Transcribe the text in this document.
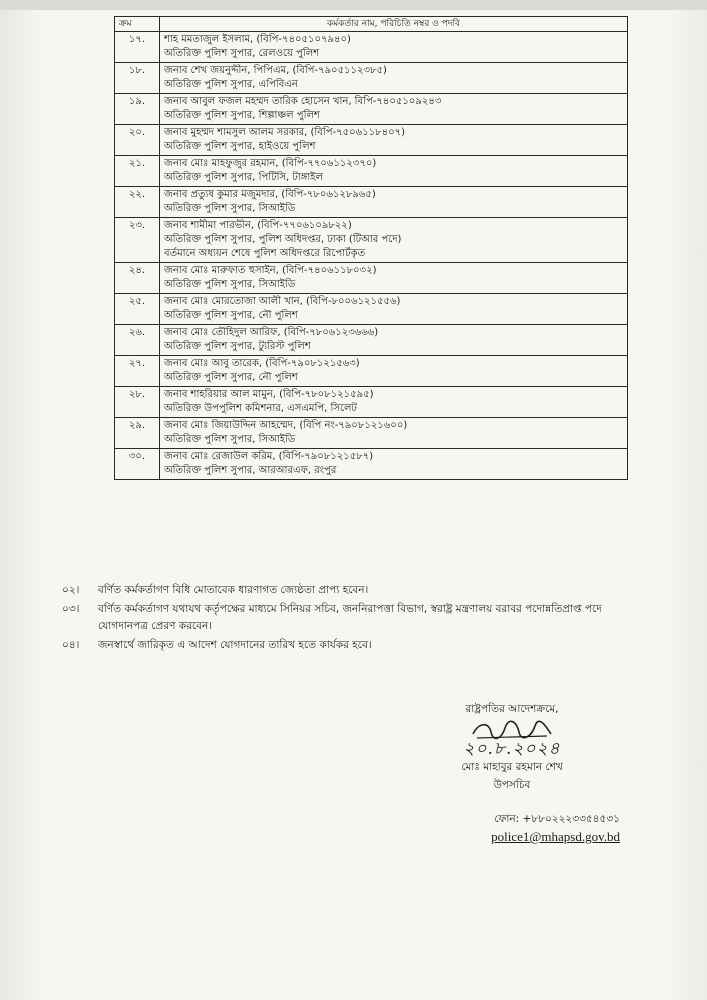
ক্রম	কর্মকর্তার নাম, পরিচিতি নম্বর ও পদবি
১৭.	শাহ মমতাজুল ইসলাম, (বিপি-৭৪০৫১০৭৯৪০)
অতিরিক্ত পুলিশ সুপার, রেলওয়ে পুলিশ

১৮.	জনাব শেখ জয়নুদ্দীন, পিপিএম, (বিপি-৭৯০৫১১২৩৮৫)
অতিরিক্ত পুলিশ সুপার, এপিবিএন

১৯.	জনাব আবুল ফজল মহম্মদ তারিক হোসেন খান, বিপি-৭৪০৫১০৯২৪৩
অতিরিক্ত পুলিশ সুপার, শিল্পাঞ্চল পুলিশ

২০.	জনাব মুহম্মদ শামসুল আলম সরকার, (বিপি-৭৫০৬১১৮৪০৭)
অতিরিক্ত পুলিশ সুপার, হাইওয়ে পুলিশ

২১.	জনাব মোঃ মাহফুজুর রহমান, (বিপি-৭৭০৬১১২৩৭০)
অতিরিক্ত পুলিশ সুপার, পিটিসি, টাঙ্গাইল

২২.	জনাব প্রত্যুষ কুমার মজুমদার, (বিপি-৭৮০৬১২৮৯৬৫)
অতিরিক্ত পুলিশ সুপার, সিআইডি

২৩.	জনাব শামীমা পারভীন, (বিপি-৭৭০৬১০৯৮২২)
অতিরিক্ত পুলিশ সুপার, পুলিশ অধিদপ্তর, ঢাকা (টিআর পদে)
বর্তমানে অধ্যয়ন শেষে পুলিশ অধিদপ্তরে রিপোর্টকৃত

২৪.	জনাব মোঃ মারুফাত হুসাইন, (বিপি-৭৪০৬১১৮০৩২)
অতিরিক্ত পুলিশ সুপার, সিআইডি

২৫.	জনাব মোঃ মোরতোজা আলী খান, (বিপি-৮০০৬১২১৫৫৬)
অতিরিক্ত পুলিশ সুপার, নৌ পুলিশ

২৬.	জনাব মোঃ তৌহিদুল আরিফ, (বিপি-৭৮০৬১২৩৬৬৬)
অতিরিক্ত পুলিশ সুপার, ট্যুরিস্ট পুলিশ

২৭.	জনাব মোঃ আবু তারেক, (বিপি-৭৯০৮১২১৫৬৩)
অতিরিক্ত পুলিশ সুপার, নৌ পুলিশ

২৮.	জনাব শাহরিয়ার আল মামুন, (বিপি-৭৮০৮১২১৫৯৫)
অতিরিক্ত উপপুলিশ কমিশনার, এসএমপি, সিলেট

২৯.	জনাব মোঃ জিয়াউদ্দিন আহম্মেদ, (বিপি নং-৭৯০৮১২১৬০০)
অতিরিক্ত পুলিশ সুপার, সিআইডি

৩০.	জনাব মোঃ রেজাউল করিম, (বিপি-৭৯০৮১২১৫৮৭)
অতিরিক্ত পুলিশ সুপার, আরআরএফ, রংপুর
০২। বর্ণিত কর্মকর্তাগণ বিধি মোতাবেক ধারণাগত জ্যেষ্ঠতা প্রাপ্য হবেন।
০৩। বর্ণিত কর্মকর্তাগণ যথাযথ কর্তৃপক্ষের মাধ্যমে সিনিয়র সচিব, জননিরাপত্তা বিভাগ, স্বরাষ্ট্র মন্ত্রণালয় বরাবর পদোন্নতিপ্রাপ্ত পদে
যোগদানপত্র প্রেরণ করবেন।
০৪। জনস্বার্থে জারিকৃত এ আদেশ যোগদানের তারিখ হতে কার্যকর হবে।
রাষ্ট্রপতির আদেশক্রমে,
২০.৮.২০২৪
মোঃ মাহাবুর রহমান শেখ
উপসচিব
ফোন: +৮৮০২২২৩৩৫৪৫৩১
police1@mhapsd.gov.bd
